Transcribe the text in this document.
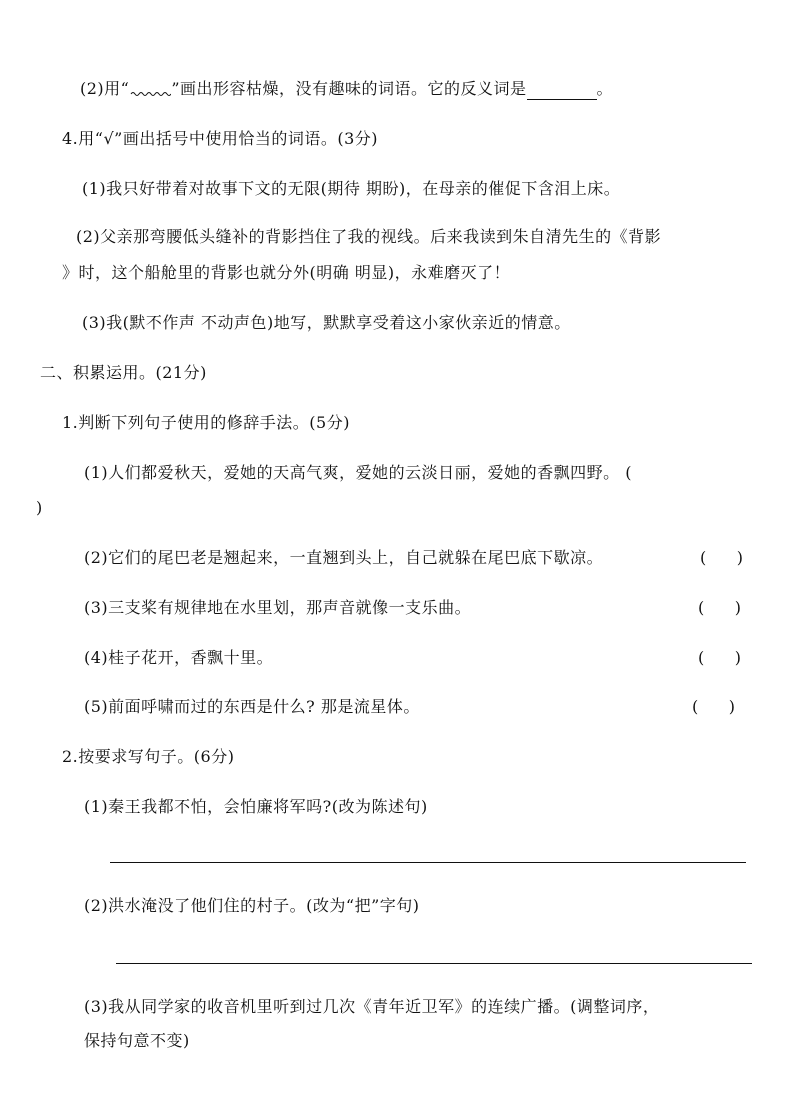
(2)用“	”画出形容枯燥，没有趣味的词语。它的反义词是	。
4.用“√”画出括号中使用恰当的词语。(3分)
(1)我只好带着对故事下文的无限(期待 期盼)，在母亲的催促下含泪上床。
(2)父亲那弯腰低头缝补的背影挡住了我的视线。后来我读到朱自清先生的《背影
》时，这个船舱里的背影也就分外(明确 明显)，永难磨灭了！
(3)我(默不作声 不动声色)地写，默默享受着这小家伙亲近的情意。
二、积累运用。(21分)
1.判断下列句子使用的修辞手法。(5分)
(1)人们都爱秋天，爱她的天高气爽，爱她的云淡日丽，爱她的香飘四野。 (
)
(2)它们的尾巴老是翘起来，一直翘到头上，自己就躲在尾巴底下歇凉。	(      )
(3)三支桨有规律地在水里划，那声音就像一支乐曲。	(      )
(4)桂子花开，香飘十里。	(      )
(5)前面呼啸而过的东西是什么? 那是流星体。	(      )
2.按要求写句子。(6分)
(1)秦王我都不怕，会怕廉将军吗?(改为陈述句)
(2)洪水淹没了他们住的村子。(改为“把”字句)
(3)我从同学家的收音机里听到过几次《青年近卫军》的连续广播。(调整词序，
保持句意不变)
